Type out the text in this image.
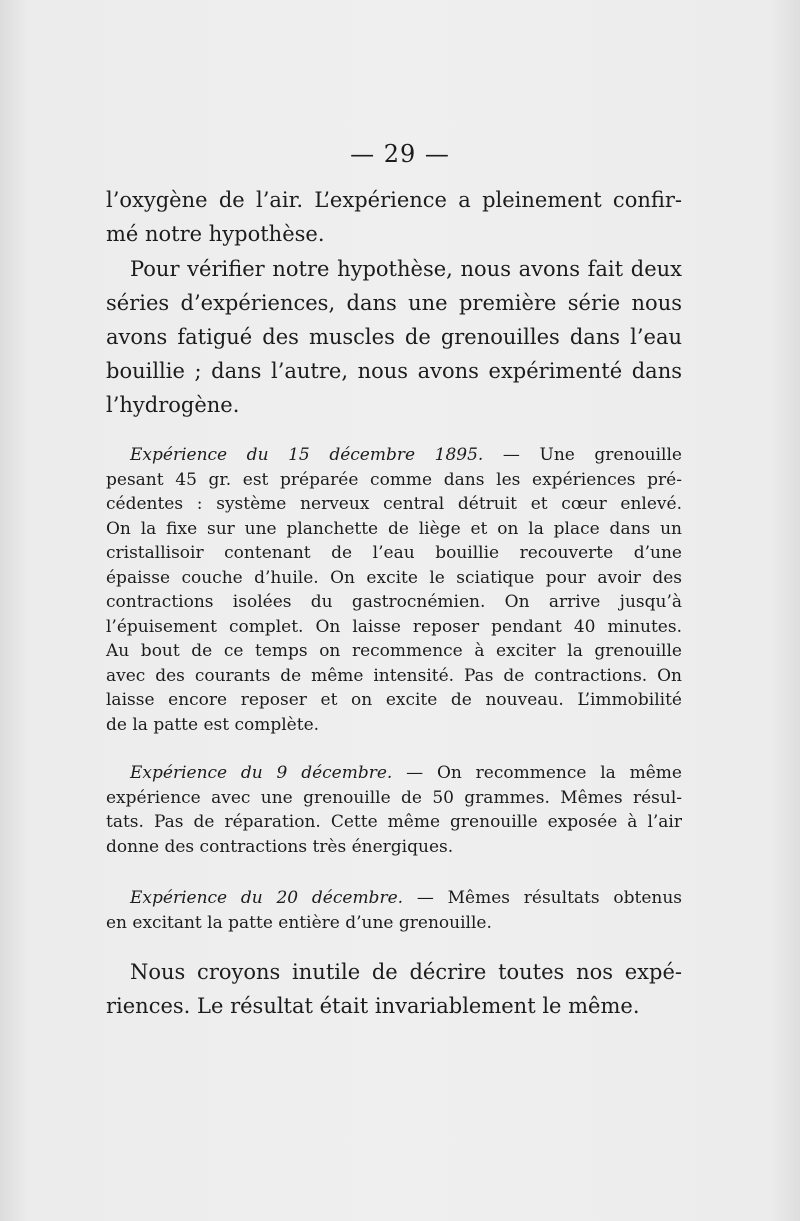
— 29 —

l’oxygène de l’air. L’expérience a pleinement confir-
mé notre hypothèse.

Pour vérifier notre hypothèse, nous avons fait deux
séries d’expériences, dans une première série nous
avons fatigué des muscles de grenouilles dans l’eau
bouillie ; dans l’autre, nous avons expérimenté dans
l’hydrogène.

Expérience du 15 décembre 1895. — Une grenouille
pesant 45 gr. est préparée comme dans les expériences pré-
cédentes : système nerveux central détruit et cœur enlevé.
On la fixe sur une planchette de liège et on la place dans un
cristallisoir contenant de l’eau bouillie recouverte d’une
épaisse couche d’huile. On excite le sciatique pour avoir des
contractions isolées du gastrocnémien. On arrive jusqu’à
l’épuisement complet. On laisse reposer pendant 40 minutes.
Au bout de ce temps on recommence à exciter la grenouille
avec des courants de même intensité. Pas de contractions. On
laisse encore reposer et on excite de nouveau. L’immobilité
de la patte est complète.

Expérience du 9 décembre. — On recommence la même
expérience avec une grenouille de 50 grammes. Mêmes résul-
tats. Pas de réparation. Cette même grenouille exposée à l’air
donne des contractions très énergiques.

Expérience du 20 décembre. — Mêmes résultats obtenus
en excitant la patte entière d’une grenouille.

Nous croyons inutile de décrire toutes nos expé-
riences. Le résultat était invariablement le même.
